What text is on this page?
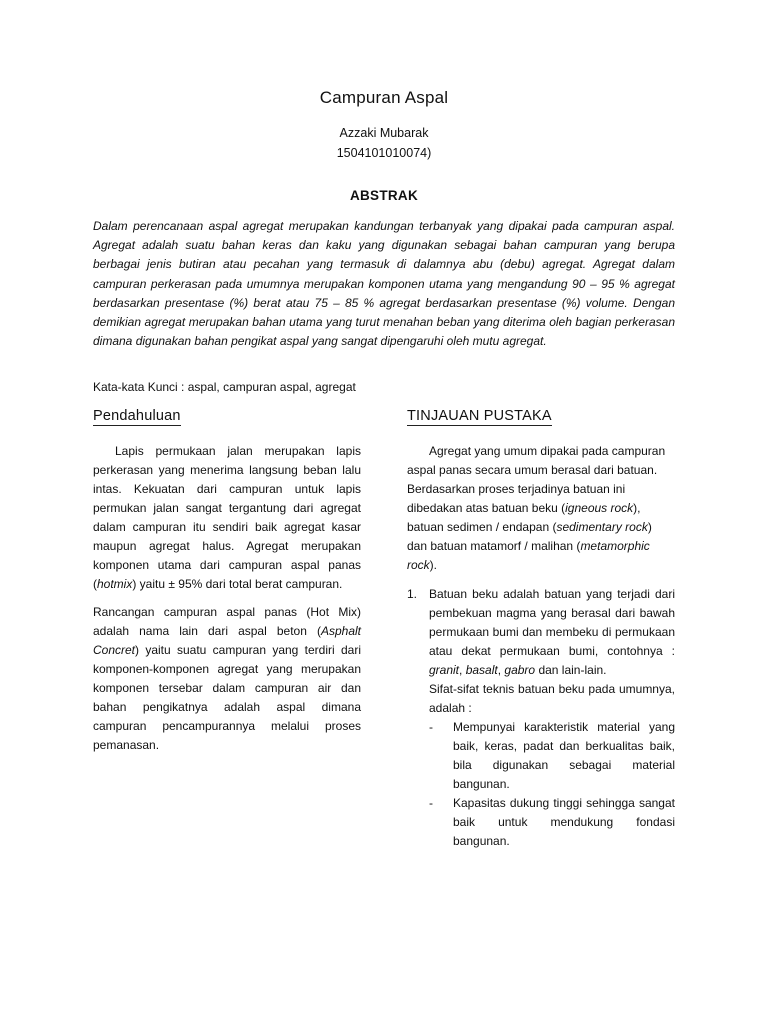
Campuran Aspal
Azzaki Mubarak
1504101010074)
ABSTRAK

Dalam perencanaan aspal agregat merupakan kandungan terbanyak yang dipakai pada campuran aspal. Agregat adalah suatu bahan keras dan kaku yang digunakan sebagai bahan campuran yang berupa berbagai jenis butiran atau pecahan yang termasuk di dalamnya abu (debu) agregat. Agregat dalam campuran perkerasan pada umumnya merupakan komponen utama yang mengandung 90 – 95 % agregat berdasarkan presentase (%) berat atau 75 – 85 % agregat berdasarkan presentase (%) volume. Dengan demikian agregat merupakan bahan utama yang turut menahan beban yang diterima oleh bagian perkerasan dimana digunakan bahan pengikat aspal yang sangat dipengaruhi oleh mutu agregat.

Kata-kata Kunci : aspal, campuran aspal, agregat

Pendahuluan

Lapis permukaan jalan merupakan lapis perkerasan yang menerima langsung beban lalu intas. Kekuatan dari campuran untuk lapis permukan jalan sangat tergantung dari agregat dalam campuran itu sendiri baik agregat kasar maupun agregat halus. Agregat merupakan komponen utama dari campuran aspal panas (hotmix) yaitu ± 95% dari total berat campuran.

Rancangan campuran aspal panas (Hot Mix) adalah nama lain dari aspal beton (Asphalt Concret) yaitu suatu campuran yang terdiri dari komponen-komponen agregat yang merupakan komponen tersebar dalam campuran air dan bahan pengikatnya adalah aspal dimana campuran pencampurannya melalui proses pemanasan.

TINJAUAN PUSTAKA

Agregat yang umum dipakai pada campuran aspal panas secara umum berasal dari batuan. Berdasarkan proses terjadinya batuan ini dibedakan atas batuan beku (igneous rock), batuan sedimen / endapan (sedimentary rock) dan batuan matamorf / malihan (metamorphic rock).

1. Batuan beku adalah batuan yang terjadi dari pembekuan magma yang berasal dari bawah permukaan bumi dan membeku di permukaan atau dekat permukaan bumi, contohnya : granit, basalt, gabro dan lain-lain.

Sifat-sifat teknis batuan beku pada umumnya, adalah :

- Mempunyai karakteristik material yang baik, keras, padat dan berkualitas baik, bila digunakan sebagai material bangunan.
- Kapasitas dukung tinggi sehingga sangat baik untuk mendukung fondasi bangunan.
